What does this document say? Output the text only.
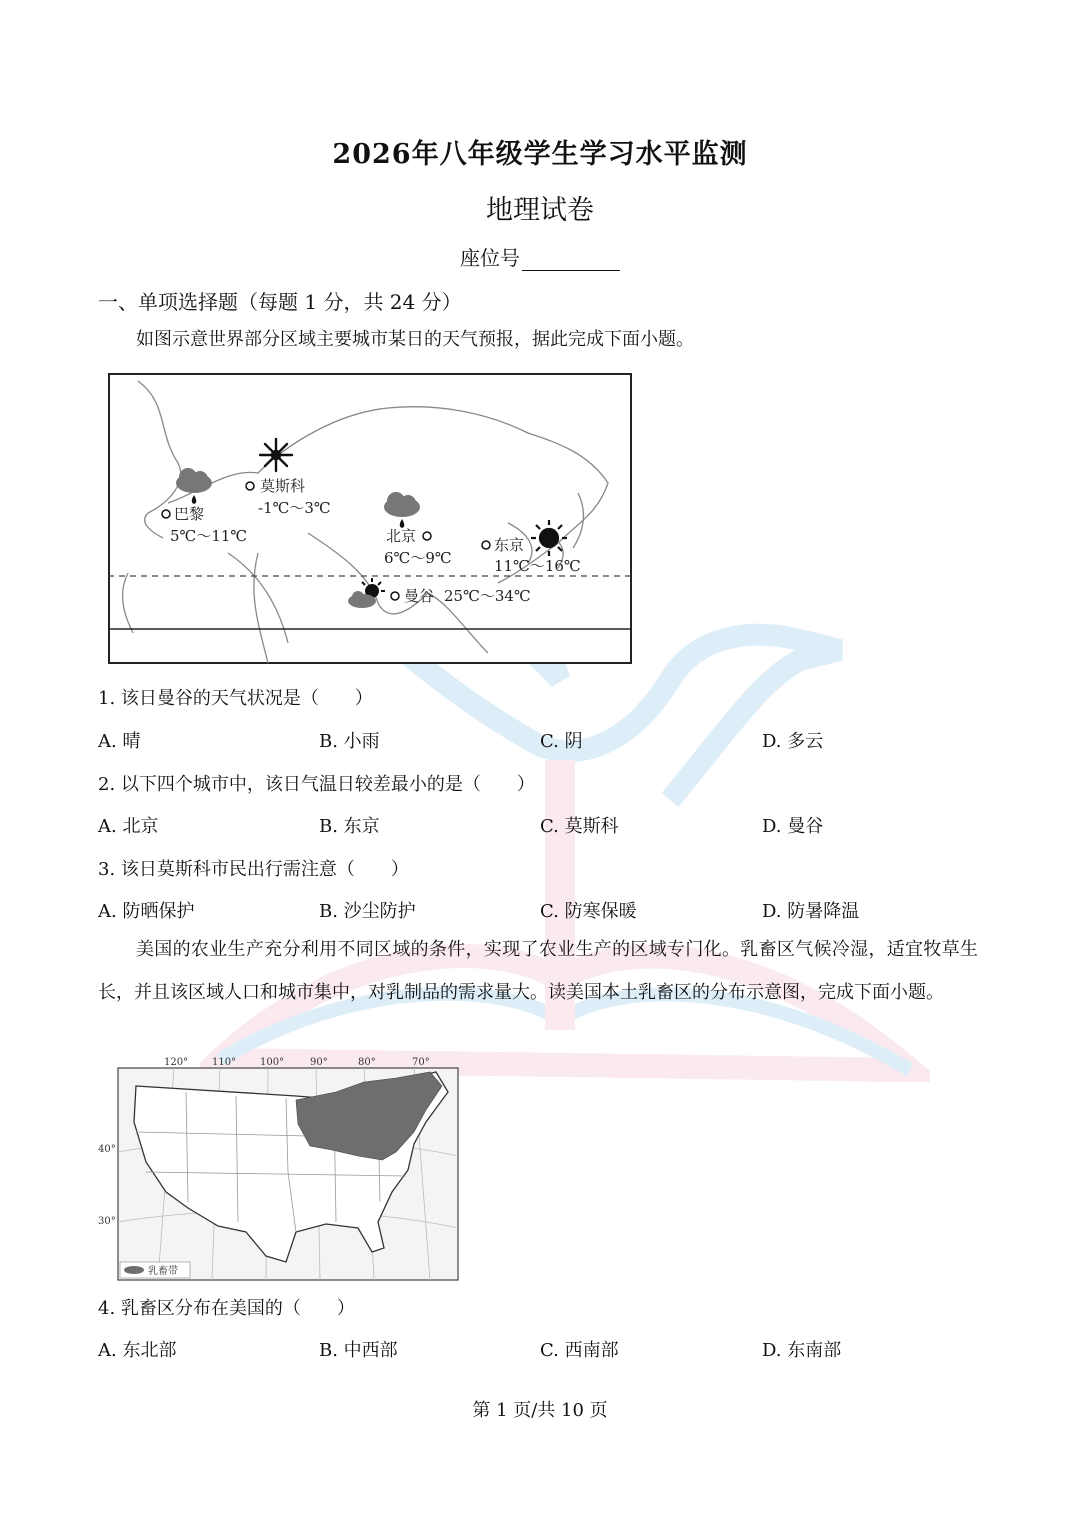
2026年八年级学生学习水平监测
地理试卷
座位号
一、单项选择题（每题 1 分，共 24 分）
如图示意世界部分区域主要城市某日的天气预报，据此完成下面小题。
莫斯科
-1℃～3℃
巴黎
5℃～11℃	北京
6℃～9℃
东京
11℃～16℃
曼谷 25℃～34℃
1. 该日曼谷的天气状况是（　　）
A. 晴	B. 小雨	C. 阴	D. 多云
2. 以下四个城市中，该日气温日较差最小的是（　　）
A. 北京	B. 东京	C. 莫斯科	D. 曼谷
3. 该日莫斯科市民出行需注意（　　）
A. 防晒保护	B. 沙尘防护	C. 防寒保暖	D. 防暑降温
美国的农业生产充分利用不同区域的条件，实现了农业生产的区域专门化。乳畜区气候冷湿，适宜牧草生长，并且该区域人口和城市集中，对乳制品的需求量大。读美国本土乳畜区的分布示意图，完成下面小题。
120° 110° 100°	90°	80°	70°
40°
30°
乳畜带
4. 乳畜区分布在美国的（　　）
A. 东北部	B. 中西部	C. 西南部	D. 东南部
第 1 页/共 10 页
